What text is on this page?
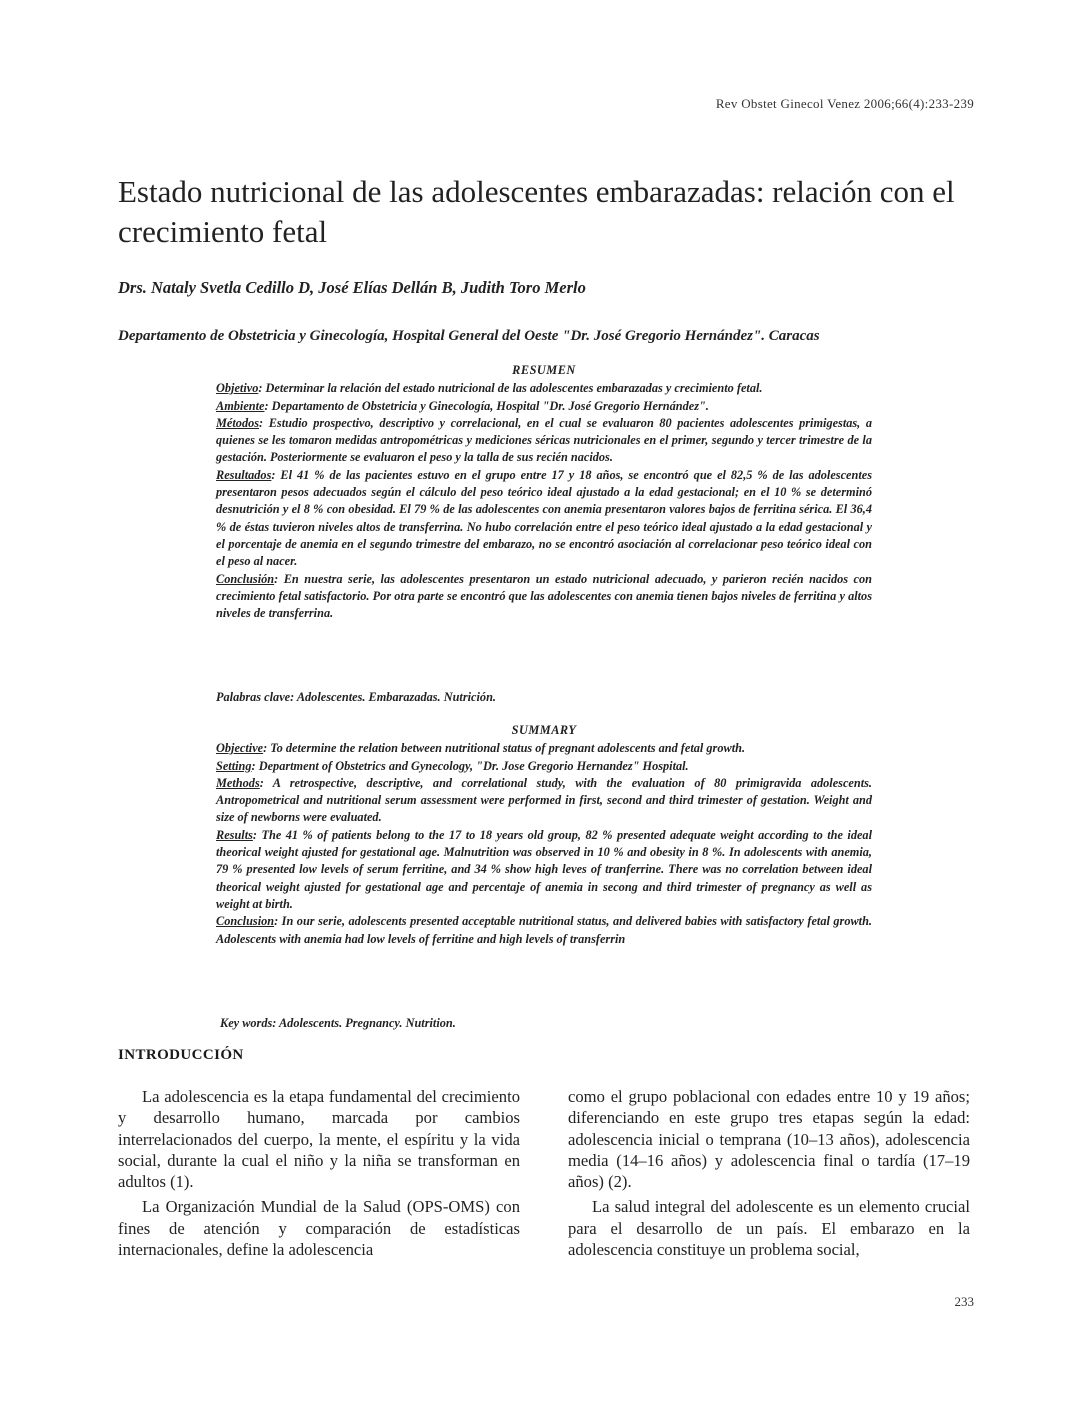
Rev Obstet Ginecol Venez 2006;66(4):233-239
Estado nutricional de las adolescentes embarazadas: relación con el crecimiento fetal
Drs. Nataly Svetla Cedillo D, José Elías Dellán B, Judith Toro Merlo
Departamento de Obstetricia y Ginecología, Hospital General del Oeste "Dr. José Gregorio Hernández". Caracas
RESUMEN

Objetivo: Determinar la relación del estado nutricional de las adolescentes embarazadas y crecimiento fetal.

Ambiente: Departamento de Obstetricia y Ginecología, Hospital "Dr. José Gregorio Hernández".

Métodos: Estudio prospectivo, descriptivo y correlacional, en el cual se evaluaron 80 pacientes adolescentes primigestas, a quienes se les tomaron medidas antropométricas y mediciones séricas nutricionales en el primer, segundo y tercer trimestre de la gestación. Posteriormente se evaluaron el peso y la talla de sus recién nacidos.

Resultados: El 41 % de las pacientes estuvo en el grupo entre 17 y 18 años, se encontró que el 82,5 % de las adolescentes presentaron pesos adecuados según el cálculo del peso teórico ideal ajustado a la edad gestacional; en el 10 % se determinó desnutrición y el 8 % con obesidad. El 79 % de las adolescentes con anemia presentaron valores bajos de ferritina sérica. El 36,4 % de éstas tuvieron niveles altos de transferrina. No hubo correlación entre el peso teórico ideal ajustado a la edad gestacional y el porcentaje de anemia en el segundo trimestre del embarazo, no se encontró asociación al correlacionar peso teórico ideal con el peso al nacer.

Conclusión: En nuestra serie, las adolescentes presentaron un estado nutricional adecuado, y parieron recién nacidos con crecimiento fetal satisfactorio. Por otra parte se encontró que las adolescentes con anemia tienen bajos niveles de ferritina y altos niveles de transferrina.

Palabras clave: Adolescentes. Embarazadas. Nutrición.
SUMMARY

Objective: To determine the relation between nutritional status of pregnant adolescents and fetal growth.

Setting: Department of Obstetrics and Gynecology, "Dr. Jose Gregorio Hernandez" Hospital.

Methods: A retrospective, descriptive, and correlational study, with the evaluation of 80 primigravida adolescents. Antropometrical and nutritional serum assessment were performed in first, second and third trimester of gestation. Weight and size of newborns were evaluated.

Results: The 41 % of patients belong to the 17 to 18 years old group, 82 % presented adequate weight according to the ideal theorical weight ajusted for gestational age. Malnutrition was observed in 10 % and obesity in 8 %. In adolescents with anemia, 79 % presented low levels of serum ferritine, and 34 % show high leves of tranferrine. There was no correlation between ideal theorical weight ajusted for gestational age and percentaje of anemia in secong and third trimester of pregnancy as well as weight at birth.

Conclusion: In our serie, adolescents presented acceptable nutritional status, and delivered babies with satisfactory fetal growth. Adolescents with anemia had low levels of ferritine and high levels of transferrin

Key words: Adolescents. Pregnancy. Nutrition.
INTRODUCCIÓN

La adolescencia es la etapa fundamental del crecimiento y desarrollo humano, marcada por cambios interrelacionados del cuerpo, la mente, el espíritu y la vida social, durante la cual el niño y la niña se transforman en adultos (1).

La Organización Mundial de la Salud (OPS-OMS) con fines de atención y comparación de estadísticas internacionales, define la adolescencia

como el grupo poblacional con edades entre 10 y 19 años; diferenciando en este grupo tres etapas según la edad: adolescencia inicial o temprana (10–13 años), adolescencia media (14–16 años) y adolescencia final o tardía (17–19 años) (2).

La salud integral del adolescente es un elemento crucial para el desarrollo de un país. El embarazo en la adolescencia constituye un problema social,

233
